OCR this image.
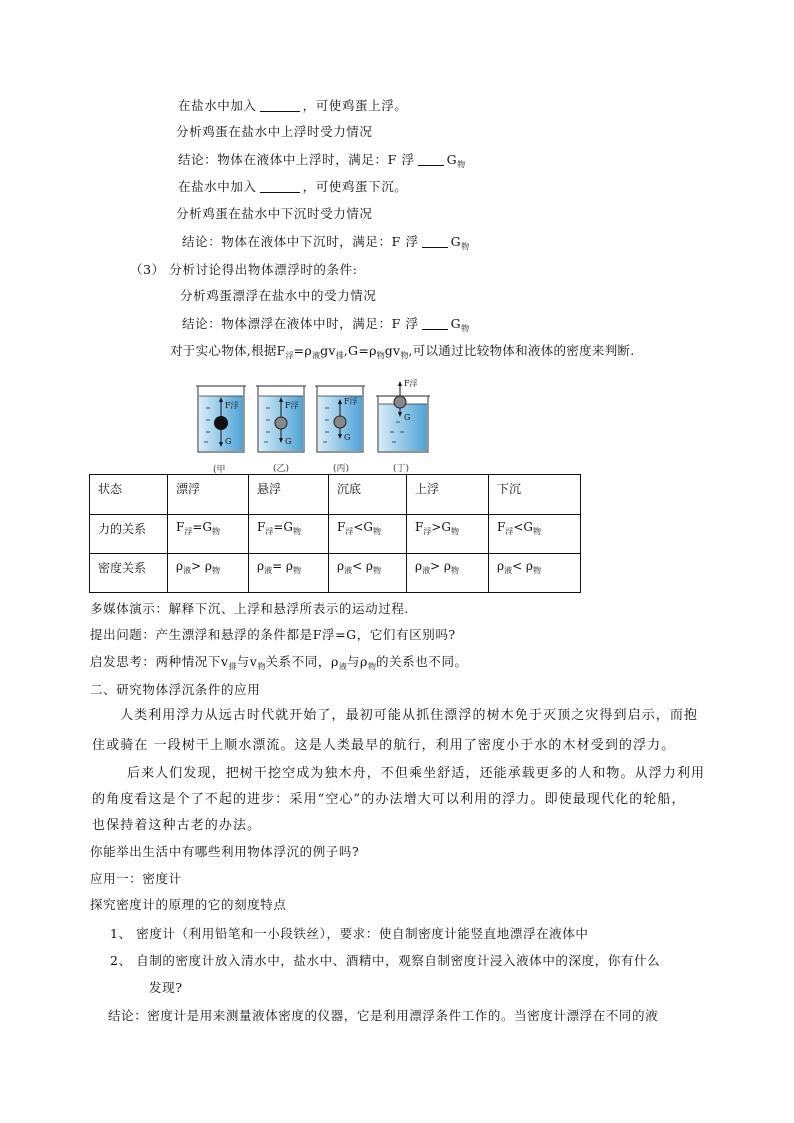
在盐水中加入	，可使鸡蛋上浮。
分析鸡蛋在盐水中上浮时受力情况
结论：物体在液体中上浮时，满足：F 浮	$G_物$
在盐水中加入	，可使鸡蛋下沉。
分析鸡蛋在盐水中下沉时受力情况
结论：物体在液体中下沉时，满足：F 浮	$G_物$
（3） 分析讨论得出物体漂浮时的条件:
分析鸡蛋漂浮在盐水中的受力情况
结论：物体漂浮在液体中时，满足：F 浮	$G_物$
对于实心物体,根据$F_浮=\rho_液gv_排,G=\rho_物gv_物$,可以通过比较物体和液体的密度来判断.
F浮
G
F浮
G
F浮
G
F浮
G
(甲	(乙)	(丙)	(丁)
状态	漂浮	悬浮	沉底	上浮	下沉
力的关系	$F_浮=G_物$	$F_浮=G_物$	$F_浮<G_物$	$F_浮>G_物$	$F_浮<G_物$
密度关系	$\rho_液> \rho_物$	$\rho_液= \rho_物$	$\rho_液< \rho_物$	$\rho_液> \rho_物$	$\rho_液< \rho_物$
多媒体演示：解释下沉、上浮和悬浮所表示的运动过程.
提出问题：产生漂浮和悬浮的条件都是F浮=G，它们有区别吗?
启发思考：两种情况下$v_排$与$v_物$关系不同，$\rho_液$与$\rho_物$的关系也不同。
二、研究物体浮沉条件的应用
人类利用浮力从远古时代就开始了，最初可能从抓住漂浮的树木免于灭顶之灾得到启示，而抱
住或骑在 一段树干上顺水漂流。这是人类最早的航行，利用了密度小于水的木材受到的浮力。
后来人们发现，把树干挖空成为独木舟，不但乘坐舒适，还能承载更多的人和物。从浮力利用
的角度看这是个了不起的进步：采用“空心”的办法增大可以利用的浮力。即使最现代化的轮船，
也保持着这种古老的办法。
你能举出生活中有哪些利用物体浮沉的例子吗?
应用一：密度计
探究密度计的原理的它的刻度特点
1、 密度计（利用铅笔和一小段铁丝），要求：使自制密度计能竖直地漂浮在液体中
2、 自制的密度计放入清水中，盐水中、酒精中，观察自制密度计浸入液体中的深度，你有什么
发现?
结论：密度计是用来测量液体密度的仪器，它是利用漂浮条件工作的。当密度计漂浮在不同的液
